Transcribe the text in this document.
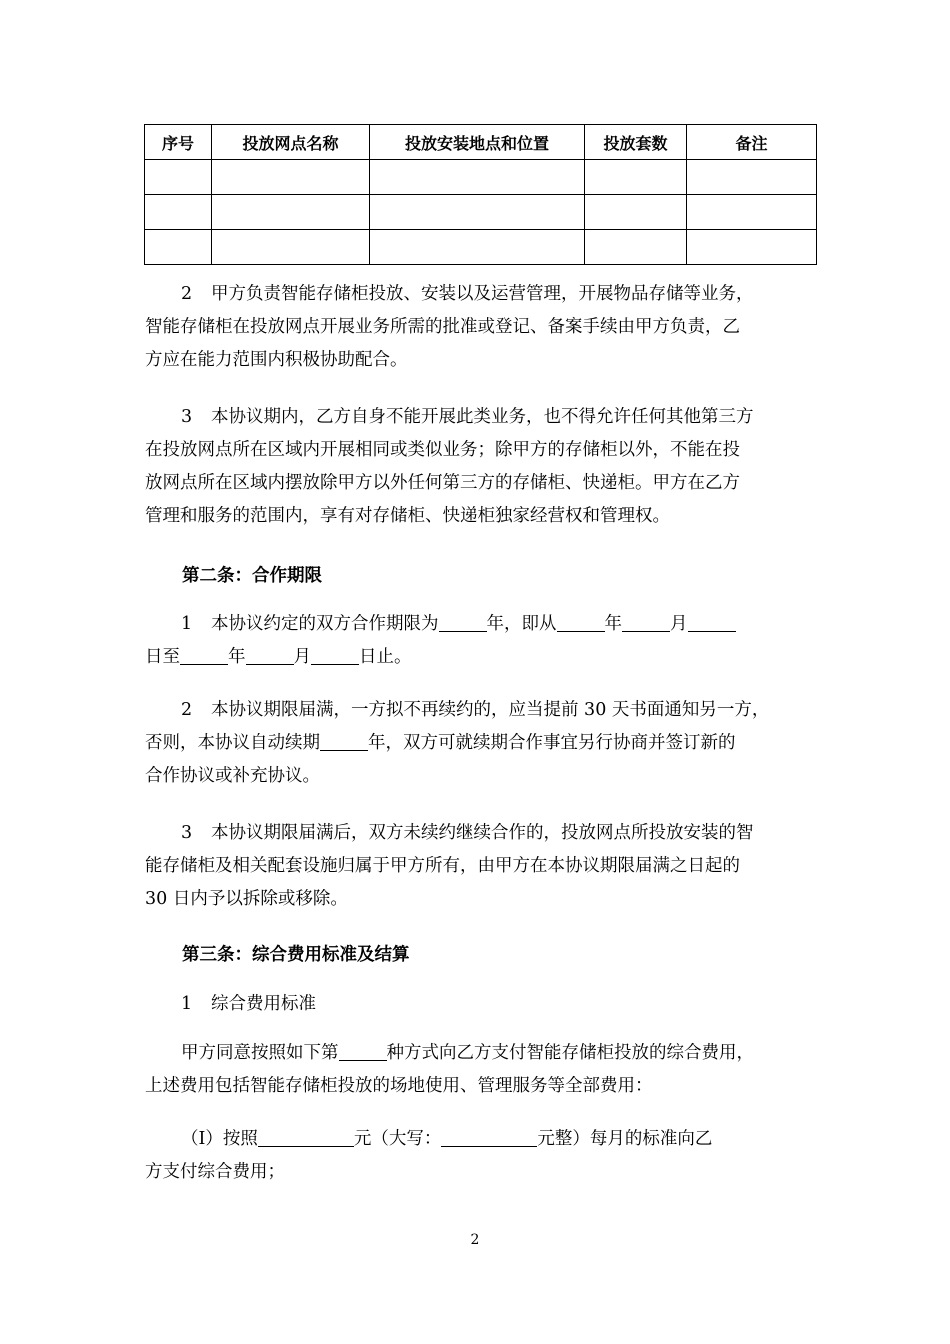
序号	投放网点名称	投放安装地点和位置	投放套数	备注

2 甲方负责智能存储柜投放、安装以及运营管理，开展物品存储等业务，
智能存储柜在投放网点开展业务所需的批准或登记、备案手续由甲方负责，乙
方应在能力范围内积极协助配合。

3 本协议期内，乙方自身不能开展此类业务，也不得允许任何其他第三方
在投放网点所在区域内开展相同或类似业务；除甲方的存储柜以外，不能在投
放网点所在区域内摆放除甲方以外任何第三方的存储柜、快递柜。甲方在乙方
管理和服务的范围内，享有对存储柜、快递柜独家经营权和管理权。

第二条：合作期限

1 本协议约定的双方合作期限为	年，即从	年	月
日至	年	月	日止。

2 本协议期限届满，一方拟不再续约的，应当提前 30 天书面通知另一方，
否则，本协议自动续期	年，双方可就续期合作事宜另行协商并签订新的
合作协议或补充协议。

3 本协议期限届满后，双方未续约继续合作的，投放网点所投放安装的智
能存储柜及相关配套设施归属于甲方所有，由甲方在本协议期限届满之日起的
30 日内予以拆除或移除。

第三条：综合费用标准及结算

1 综合费用标准

甲方同意按照如下第	种方式向乙方支付智能存储柜投放的综合费用，
上述费用包括智能存储柜投放的场地使用、管理服务等全部费用：

（Ⅰ）按照	元（大写：	元整）每月的标准向乙
方支付综合费用；

2
